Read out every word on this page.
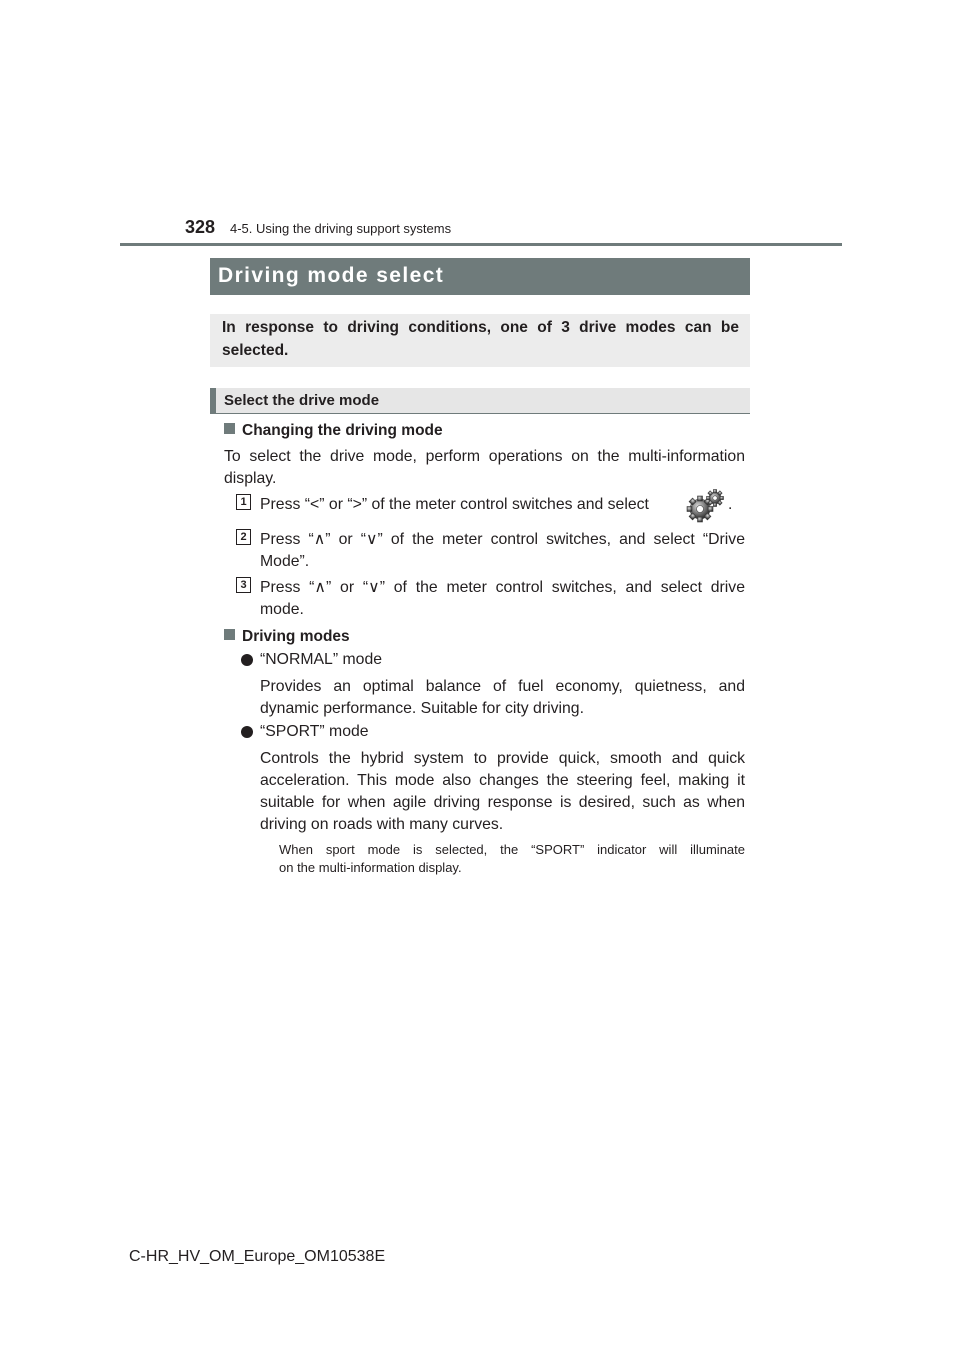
328 4-5. Using the driving support systems
Driving mode select
In response to driving conditions, one of 3 drive modes can be
selected.
Select the drive mode
Changing the driving mode
To select the drive mode, perform operations on the multi-information
display.
1 Press “<” or “>” of the meter control switches and select	.
2 Press “∧” or “∨” of the meter control switches, and select “Drive
Mode”.
3 Press “∧” or “∨” of the meter control switches, and select drive
mode.
Driving modes
“NORMAL” mode
Provides an optimal balance of fuel economy, quietness, and
dynamic performance. Suitable for city driving.
“SPORT” mode
Controls the hybrid system to provide quick, smooth and quick
acceleration. This mode also changes the steering feel, making it
suitable for when agile driving response is desired, such as when
driving on roads with many curves.
When sport mode is selected, the “SPORT” indicator will illuminate
on the multi-information display.
C-HR_HV_OM_Europe_OM10538E
